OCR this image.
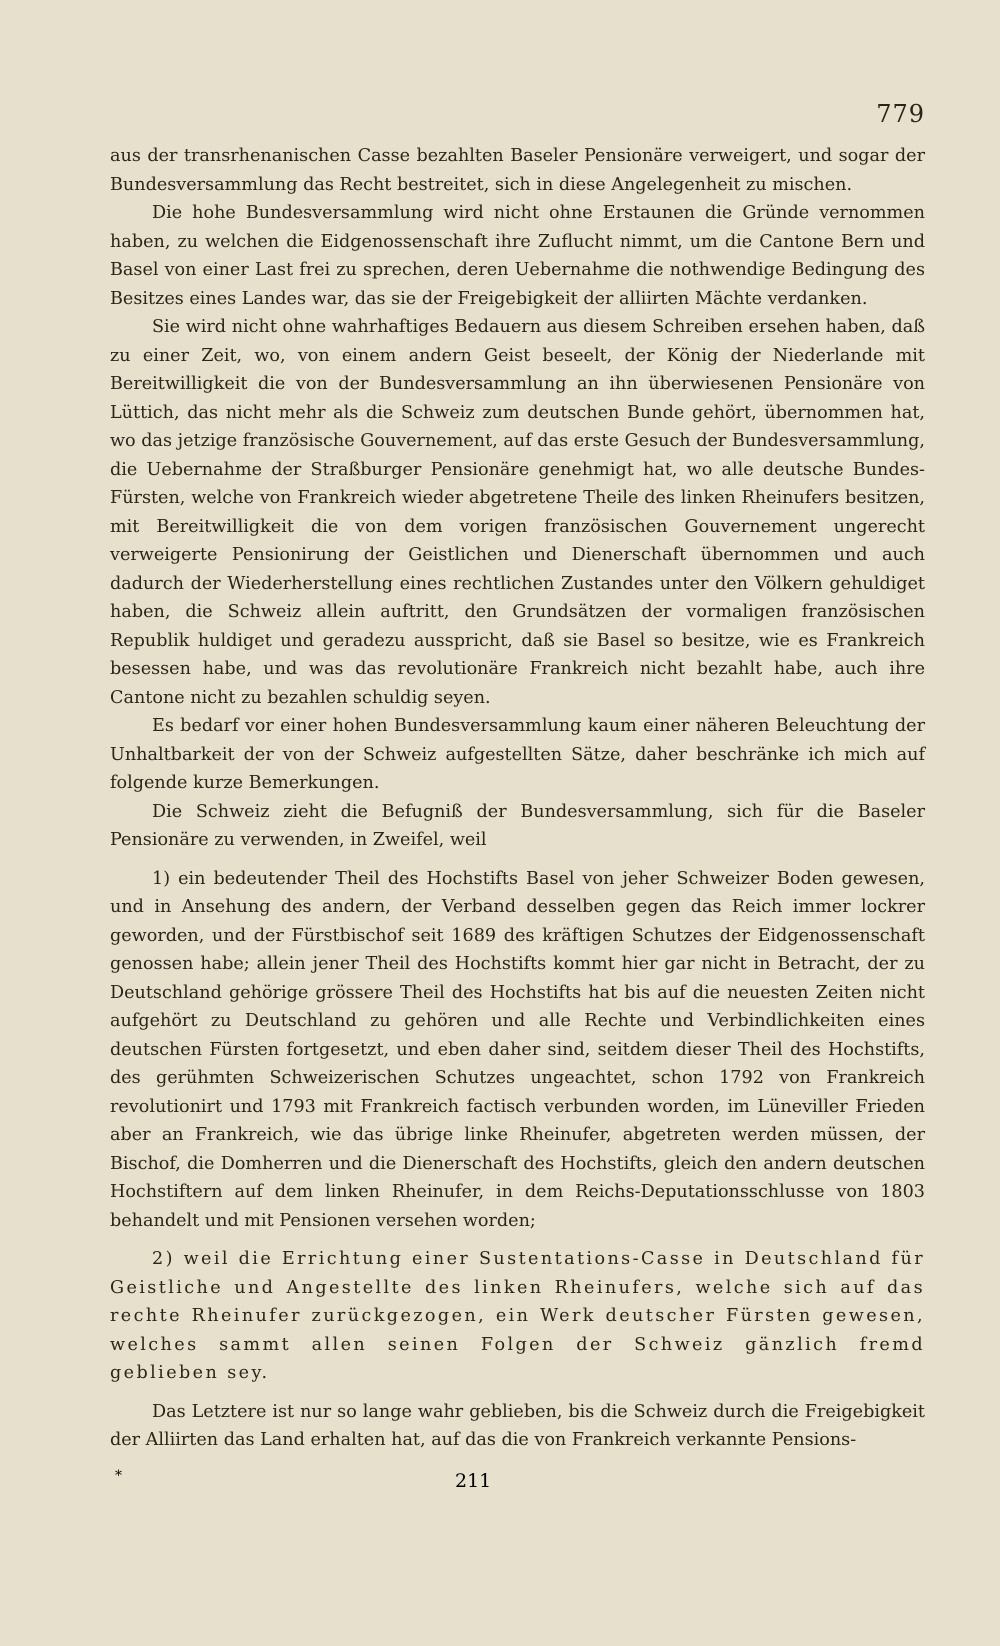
779

aus der transrhenanischen Casse bezahlten Baseler Pensionäre verweigert, und sogar der Bundesversammlung das Recht bestreitet, sich in diese Angelegenheit zu mischen.

Die hohe Bundesversammlung wird nicht ohne Erstaunen die Gründe vernommen haben, zu welchen die Eidgenossenschaft ihre Zuflucht nimmt, um die Cantone Bern und Basel von einer Last frei zu sprechen, deren Uebernahme die nothwendige Bedingung des Besitzes eines Landes war, das sie der Freigebigkeit der alliirten Mächte verdanken.

Sie wird nicht ohne wahrhaftiges Bedauern aus diesem Schreiben ersehen haben, daß zu einer Zeit, wo, von einem andern Geist beseelt, der König der Niederlande mit Bereitwilligkeit die von der Bundesversammlung an ihn überwiesenen Pensionäre von Lüttich, das nicht mehr als die Schweiz zum deutschen Bunde gehört, übernommen hat, wo das jetzige französische Gouvernement, auf das erste Gesuch der Bundesversammlung, die Uebernahme der Straßburger Pensionäre genehmigt hat, wo alle deutsche Bundes-Fürsten, welche von Frankreich wieder abgetretene Theile des linken Rheinufers besitzen, mit Bereitwilligkeit die von dem vorigen französischen Gouvernement ungerecht verweigerte Pensionirung der Geistlichen und Dienerschaft übernommen und auch dadurch der Wiederherstellung eines rechtlichen Zustandes unter den Völkern gehuldiget haben, die Schweiz allein auftritt, den Grundsätzen der vormaligen französischen Republik huldiget und geradezu ausspricht, daß sie Basel so besitze, wie es Frankreich besessen habe, und was das revolutionäre Frankreich nicht bezahlt habe, auch ihre Cantone nicht zu bezahlen schuldig seyen.

Es bedarf vor einer hohen Bundesversammlung kaum einer näheren Beleuchtung der Unhaltbarkeit der von der Schweiz aufgestellten Sätze, daher beschränke ich mich auf folgende kurze Bemerkungen.

Die Schweiz zieht die Befugniß der Bundesversammlung, sich für die Baseler Pensionäre zu verwenden, in Zweifel, weil

1) ein bedeutender Theil des Hochstifts Basel von jeher Schweizer Boden gewesen, und in Ansehung des andern, der Verband desselben gegen das Reich immer lockrer geworden, und der Fürstbischof seit 1689 des kräftigen Schutzes der Eidgenossenschaft genossen habe; allein jener Theil des Hochstifts kommt hier gar nicht in Betracht, der zu Deutschland gehörige grössere Theil des Hochstifts hat bis auf die neuesten Zeiten nicht aufgehört zu Deutschland zu gehören und alle Rechte und Verbindlichkeiten eines deutschen Fürsten fortgesetzt, und eben daher sind, seitdem dieser Theil des Hochstifts, des gerühmten Schweizerischen Schutzes ungeachtet, schon 1792 von Frankreich revolutionirt und 1793 mit Frankreich factisch verbunden worden, im Lüneviller Frieden aber an Frankreich, wie das übrige linke Rheinufer, abgetreten werden müssen, der Bischof, die Domherren und die Dienerschaft des Hochstifts, gleich den andern deutschen Hochstiftern auf dem linken Rheinufer, in dem Reichs-Deputationsschlusse von 1803 behandelt und mit Pensionen versehen worden;

2) weil die Errichtung einer Sustentations-Casse in Deutschland für Geistliche und Angestellte des linken Rheinufers, welche sich auf das rechte Rheinufer zurückgezogen, ein Werk deutscher Fürsten gewesen, welches sammt allen seinen Folgen der Schweiz gänzlich fremd geblieben sey.

Das Letztere ist nur so lange wahr geblieben, bis die Schweiz durch die Freigebigkeit der Alliirten das Land erhalten hat, auf das die von Frankreich verkannte Pensions-

*	211
